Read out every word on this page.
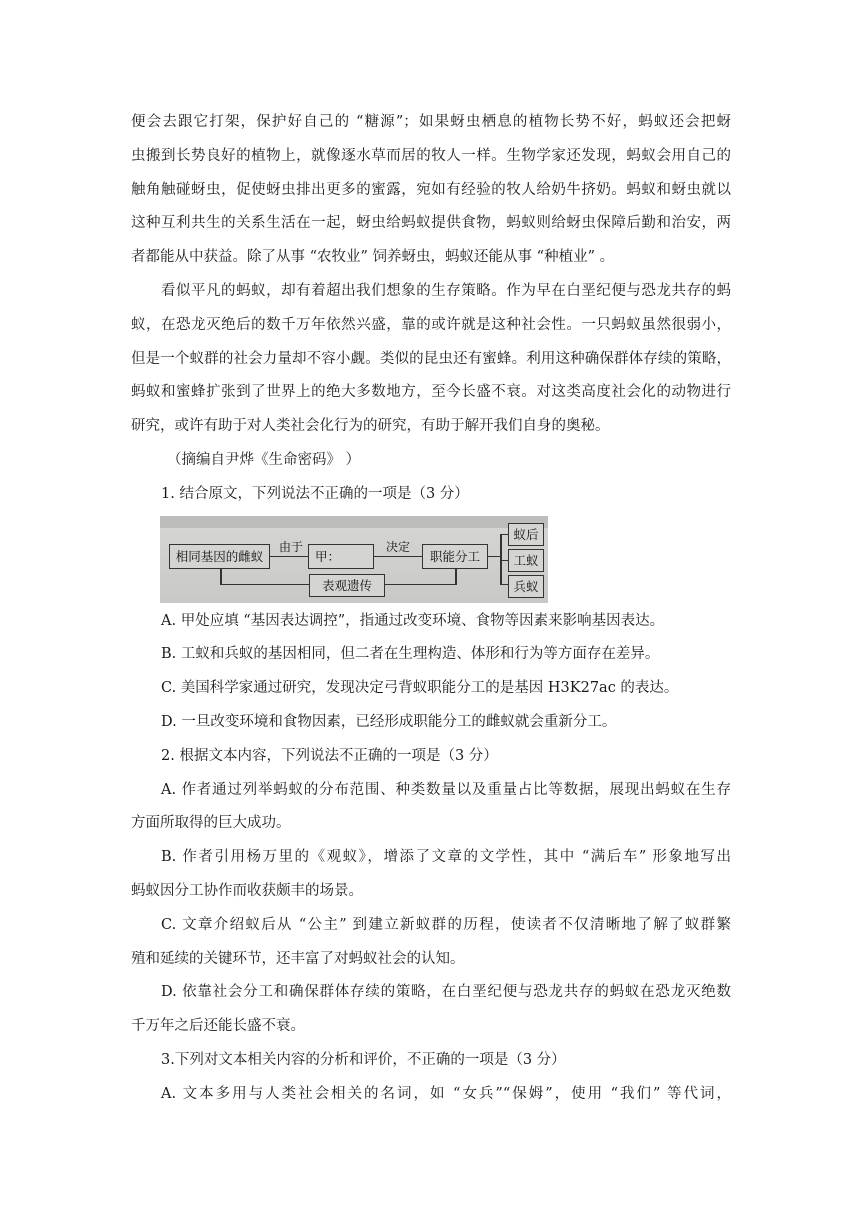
便会去跟它打架，保护好自己的 “糖源”；如果蚜虫栖息的植物长势不好，蚂蚁还会把蚜
虫搬到长势良好的植物上，就像逐水草而居的牧人一样。生物学家还发现，蚂蚁会用自己的
触角触碰蚜虫，促使蚜虫排出更多的蜜露，宛如有经验的牧人给奶牛挤奶。蚂蚁和蚜虫就以
这种互利共生的关系生活在一起，蚜虫给蚂蚁提供食物，蚂蚁则给蚜虫保障后勤和治安，两
者都能从中获益。除了从事 “农牧业” 饲养蚜虫，蚂蚁还能从事 “种植业” 。
看似平凡的蚂蚁，却有着超出我们想象的生存策略。作为早在白垩纪便与恐龙共存的蚂
蚁，在恐龙灭绝后的数千万年依然兴盛，靠的或许就是这种社会性。一只蚂蚁虽然很弱小，
但是一个蚁群的社会力量却不容小觑。类似的昆虫还有蜜蜂。利用这种确保群体存续的策略，
蚂蚁和蜜蜂扩张到了世界上的绝大多数地方，至今长盛不衰。对这类高度社会化的动物进行
研究，或许有助于对人类社会化行为的研究，有助于解开我们自身的奥秘。
（摘编自尹烨《生命密码》 ）
1. 结合原文，下列说法不正确的一项是（3 分）
相同基因的雌蚁
由于
甲：
决定
职能分工
蚁后
工蚁
兵蚁
表观遗传
A. 甲处应填 “基因表达调控”，指通过改变环境、食物等因素来影响基因表达。
B. 工蚁和兵蚁的基因相同，但二者在生理构造、体形和行为等方面存在差异。
C. 美国科学家通过研究，发现决定弓背蚁职能分工的是基因 H3K27ac 的表达。
D. 一旦改变环境和食物因素，已经形成职能分工的雌蚁就会重新分工。
2. 根据文本内容，下列说法不正确的一项是（3 分）
A. 作者通过列举蚂蚁的分布范围、种类数量以及重量占比等数据，展现出蚂蚁在生存
方面所取得的巨大成功。
B. 作者引用杨万里的《观蚁》，增添了文章的文学性，其中 “满后车” 形象地写出
蚂蚁因分工协作而收获颇丰的场景。
C. 文章介绍蚁后从 “公主” 到建立新蚁群的历程，使读者不仅清晰地了解了蚁群繁
殖和延续的关键环节，还丰富了对蚂蚁社会的认知。
D. 依靠社会分工和确保群体存续的策略，在白垩纪便与恐龙共存的蚂蚁在恐龙灭绝数
千万年之后还能长盛不衰。
3.下列对文本相关内容的分析和评价，不正确的一项是（3 分）
A. 文本多用与人类社会相关的名词，如 “女兵”“保姆”，使用 “我们” 等代词，
